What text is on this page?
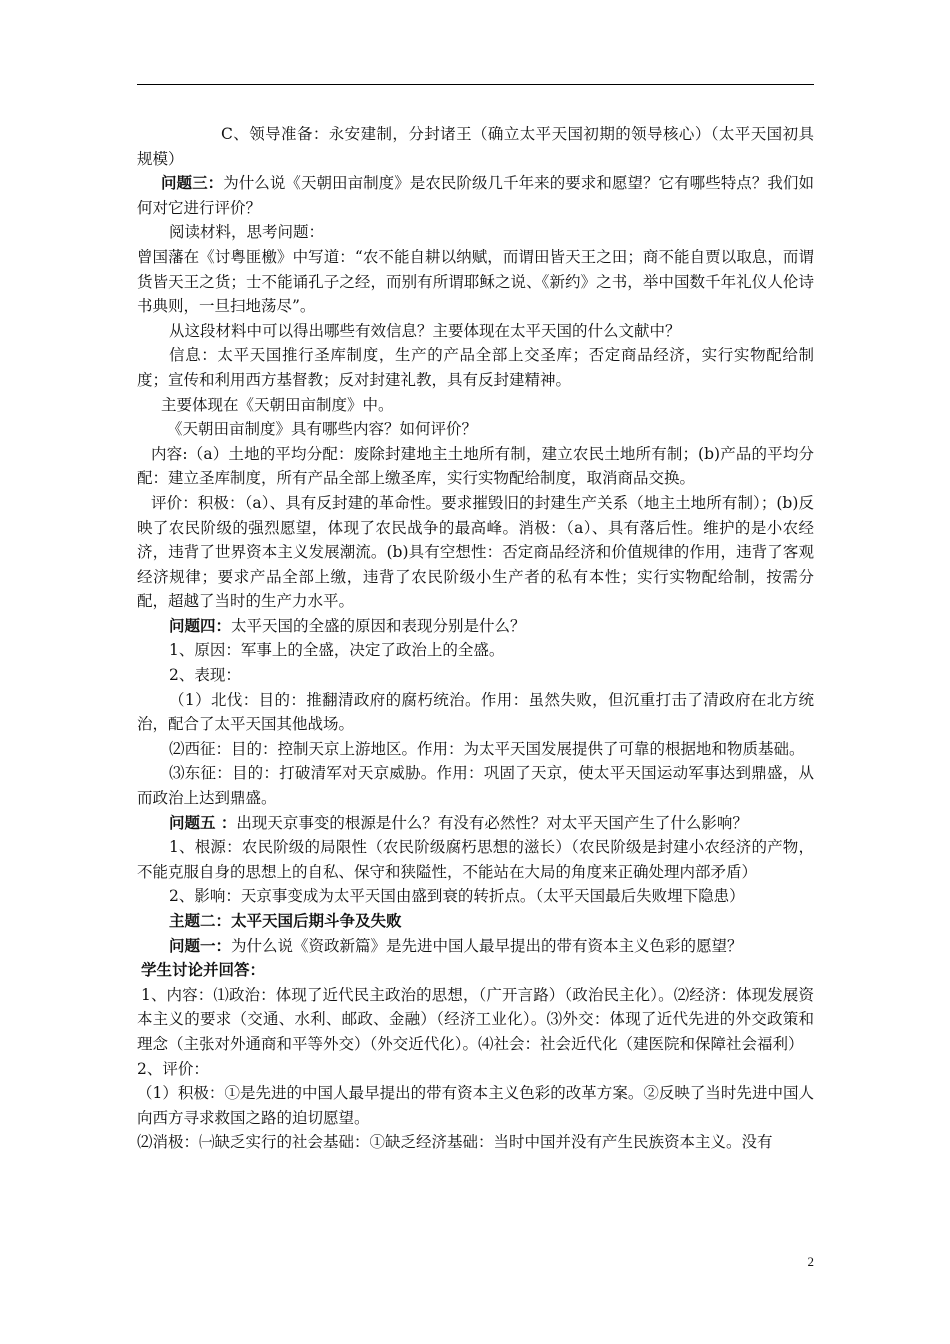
C、领导准备：永安建制，分封诸王（确立太平天国初期的领导核心）（太平天国初具规模）

问题三：为什么说《天朝田亩制度》是农民阶级几千年来的要求和愿望？它有哪些特点？我们如何对它进行评价？

阅读材料，思考问题：

曾国藩在《讨粤匪檄》中写道：“农不能自耕以纳赋，而谓田皆天王之田；商不能自贾以取息，而谓货皆天王之货；士不能诵孔子之经，而别有所谓耶稣之说、《新约》之书，举中国数千年礼仪人伦诗书典则，一旦扫地荡尽”。

从这段材料中可以得出哪些有效信息？主要体现在太平天国的什么文献中？

信息：太平天国推行圣库制度，生产的产品全部上交圣库；否定商品经济，实行实物配给制度；宣传和利用西方基督教；反对封建礼教，具有反封建精神。

主要体现在《天朝田亩制度》中。

《天朝田亩制度》具有哪些内容？如何评价？

内容:（a）土地的平均分配：废除封建地主土地所有制，建立农民土地所有制；(b)产品的平均分配：建立圣库制度，所有产品全部上缴圣库，实行实物配给制度，取消商品交换。

评价：积极：（a）、具有反封建的革命性。要求摧毁旧的封建生产关系（地主土地所有制）；(b)反映了农民阶级的强烈愿望，体现了农民战争的最高峰。消极：（a）、具有落后性。维护的是小农经济，违背了世界资本主义发展潮流。(b)具有空想性：否定商品经济和价值规律的作用，违背了客观经济规律；要求产品全部上缴，违背了农民阶级小生产者的私有本性；实行实物配给制，按需分配，超越了当时的生产力水平。

问题四：太平天国的全盛的原因和表现分别是什么？

1、原因：军事上的全盛，决定了政治上的全盛。

2、表现：

（1）北伐：目的：推翻清政府的腐朽统治。作用：虽然失败，但沉重打击了清政府在北方统治，配合了太平天国其他战场。

⑵西征：目的：控制天京上游地区。作用：为太平天国发展提供了可靠的根据地和物质基础。

⑶东征：目的：打破清军对天京威胁。作用：巩固了天京，使太平天国运动军事达到鼎盛，从而政治上达到鼎盛。

问题五 ：出现天京事变的根源是什么？有没有必然性？对太平天国产生了什么影响？

1、根源：农民阶级的局限性（农民阶级腐朽思想的滋长）（农民阶级是封建小农经济的产物，不能克服自身的思想上的自私、保守和狭隘性，不能站在大局的角度来正确处理内部矛盾）

2、影响：天京事变成为太平天国由盛到衰的转折点。（太平天国最后失败埋下隐患）

主题二：太平天国后期斗争及失败

问题一：为什么说《资政新篇》是先进中国人最早提出的带有资本主义色彩的愿望？

学生讨论并回答：

1、内容：⑴政治：体现了近代民主政治的思想，（广开言路）（政治民主化）。⑵经济：体现发展资本主义的要求（交通、水利、邮政、金融）（经济工业化）。⑶外交：体现了近代先进的外交政策和理念（主张对外通商和平等外交）（外交近代化）。⑷社会：社会近代化（建医院和保障社会福利）

2、评价：

（1）积极：①是先进的中国人最早提出的带有资本主义色彩的改革方案。②反映了当时先进中国人向西方寻求救国之路的迫切愿望。

⑵消极：㈠缺乏实行的社会基础：①缺乏经济基础：当时中国并没有产生民族资本主义。没有

2
